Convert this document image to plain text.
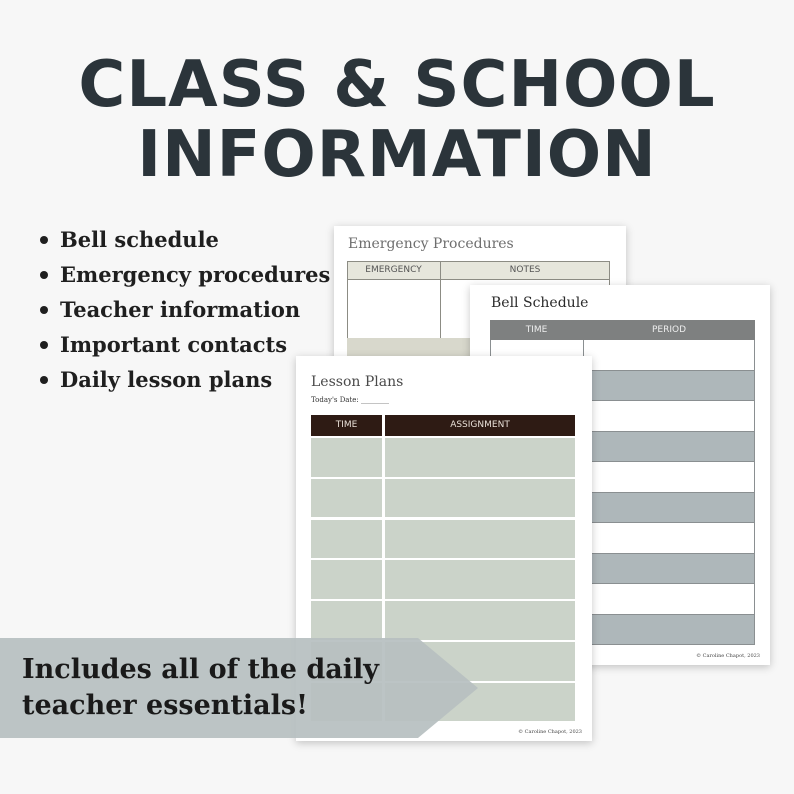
CLASS & SCHOOL
INFORMATION
Bell schedule
Emergency procedures
Teacher information
Important contacts
Daily lesson plans
Emergency Procedures
EMERGENCY	NOTES
Bell Schedule
TIME	PERIOD
© Caroline Chapot, 2023
Lesson Plans
Today's Date: ________
TIME	ASSIGNMENT
© Caroline Chapot, 2023
Includes all of the daily
teacher essentials!
